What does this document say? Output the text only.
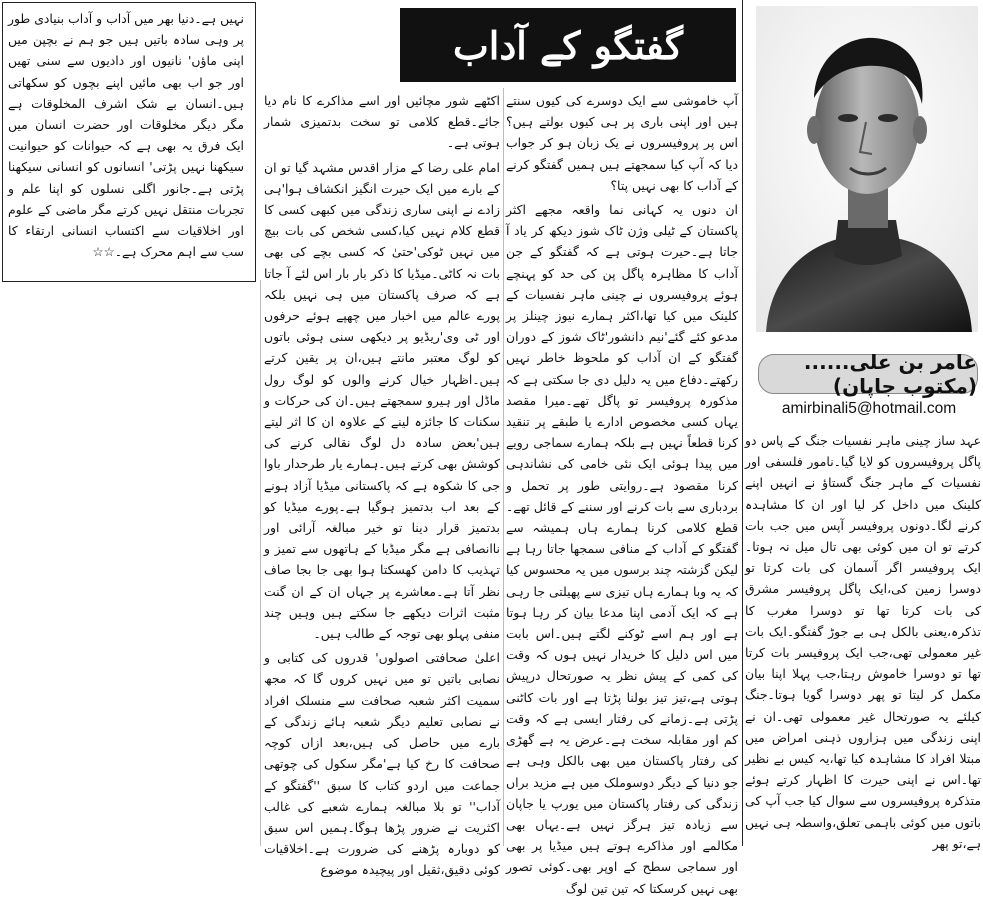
گفتگو کے آداب
عامر بن علی......(مکتوب جاپان)
amirbinali5@hotmail.com

عہد ساز چینی ماہر نفسیات جنگ کے پاس دو پاگل پروفیسروں کو لایا گیا۔نامور فلسفی اور نفسیات کے ماہر جنگ گستاؤ نے انہیں اپنے کلینک میں داخل کر لیا اور ان کا مشاہدہ کرنے لگا۔دونوں پروفیسر آپس میں جب بات کرتے تو ان میں کوئی بھی تال میل نہ ہوتا۔ایک پروفیسر اگر آسمان کی بات کرتا تو دوسرا زمین کی،ایک پاگل پروفیسر مشرق کی بات کرتا تھا تو دوسرا مغرب کا تذکرہ،یعنی بالکل ہی بے جوڑ گفتگو۔ایک بات غیر معمولی تھی،جب ایک پروفیسر بات کرتا تھا تو دوسرا خاموش رہتا،جب پہلا اپنا بیان مکمل کر لیتا تو پھر دوسرا گویا ہوتا۔جنگ کیلئے یہ صورتحال غیر معمولی تھی۔ان نے اپنی زندگی میں ہزاروں ذہنی امراض میں مبتلا افراد کا مشاہدہ کیا تھا،یہ کیس بے نظیر تھا۔اس نے اپنی حیرت کا اظہار کرتے ہوئے متذکرہ پروفیسروں سے سوال کیا جب آپ کی باتوں میں کوئی باہمی تعلق،واسطہ ہی نہیں ہے،تو پھر

آپ خاموشی سے ایک دوسرے کی کیوں سنتے ہیں اور اپنی باری پر ہی کیوں بولتے ہیں؟اس پر پروفیسروں نے یک زبان ہو کر جواب دیا کہ آپ کیا سمجھتے ہیں ہمیں گفتگو کرنے کے آداب کا بھی نہیں پتا؟

ان دنوں یہ کہانی نما واقعہ مجھے اکثر پاکستان کے ٹیلی وژن ٹاک شوز دیکھ کر یاد آ جاتا ہے۔حیرت ہوتی ہے کہ گفتگو کے جن آداب کا مظاہرہ پاگل پن کی حد کو پہنچے ہوئے پروفیسروں نے چینی ماہر نفسیات کے کلینک میں کیا تھا،اکثر ہمارے نیوز چینلز پر مدعو کئے گئے'نیم دانشور'ٹاک شوز کے دوران گفتگو کے ان آداب کو ملحوظ خاطر نہیں رکھتے۔دفاع میں یہ دلیل دی جا سکتی ہے کہ مذکورہ پروفیسر تو پاگل تھے۔میرا مقصد یہاں کسی مخصوص ادارے یا طبقے پر تنقید کرنا قطعاً نہیں ہے بلکہ ہمارے سماجی رویے میں پیدا ہوئی ایک نئی خامی کی نشاندہی کرنا مقصود ہے۔روایتی طور پر تحمل و بردباری سے بات کرنے اور سننے کے قائل تھے۔قطع کلامی کرنا ہمارے ہاں ہمیشہ سے گفتگو کے آداب کے منافی سمجھا جاتا رہا ہے لیکن گزشتہ چند برسوں میں یہ محسوس کیا کہ یہ وبا ہمارے ہاں تیزی سے پھیلتی جا رہی ہے کہ ایک آدمی اپنا مدعا بیان کر رہا ہوتا ہے اور ہم اسے ٹوکنے لگتے ہیں۔اس بابت میں اس دلیل کا خریدار نہیں ہوں کہ وقت کی کمی کے پیش نظر یہ صورتحال درپیش ہوتی ہے،تیز تیز بولنا پڑتا ہے اور بات کاٹنی پڑتی ہے۔زمانے کی رفتار ایسی ہے کہ وقت کم اور مقابلہ سخت ہے۔عرض یہ ہے گھڑی کی رفتار پاکستان میں بھی بالکل وہی ہے جو دنیا کے دیگر دوسوملک میں ہے مزید براں زندگی کی رفتار پاکستان میں یورپ یا جاپان سے زیادہ تیز ہرگز نہیں ہے۔یہاں بھی مکالمے اور مذاکرے ہوتے ہیں میڈیا پر بھی اور سماجی سطح کے اوپر بھی۔کوئی تصور بھی نہیں کرسکتا کہ تین تین لوگ

اکٹھے شور مچائیں اور اسے مذاکرے کا نام دیا جائے۔قطع کلامی تو سخت بدتمیزی شمار ہوتی ہے۔

امام علی رضا کے مزار اقدس مشہد گیا تو ان کے بارے میں ایک حیرت انگیز انکشاف ہوا'ہی زادے نے اپنی ساری زندگی میں کبھی کسی کا قطع کلام نہیں کیا،کسی شخص کی بات بیچ میں نہیں ٹوکی'حتیٰ کہ کسی بچے کی بھی بات نہ کاٹی۔میڈیا کا ذکر بار بار اس لئے آ جاتا ہے کہ صرف پاکستان میں ہی نہیں بلکہ پورے عالم میں اخبار میں چھپے ہوئے حرفوں اور ٹی وی'ریڈیو پر دیکھی سنی ہوئی باتوں کو لوگ معتبر مانتے ہیں،ان پر یقین کرتے ہیں۔اظہار خیال کرنے والوں کو لوگ رول ماڈل اور ہیرو سمجھتے ہیں۔ان کی حرکات و سکنات کا جائزہ لینے کے علاوہ ان کا اثر لیتے ہیں'بعض سادہ دل لوگ نقالی کرنے کی کوشش بھی کرتے ہیں۔ہمارے یار طرحدار باوا جی کا شکوہ ہے کہ پاکستانی میڈیا آزاد ہونے کے بعد اب بدتمیز ہوگیا ہے۔پورے میڈیا کو بدتمیز قرار دینا تو خیر مبالغہ آرائی اور ناانصافی ہے مگر میڈیا کے ہاتھوں سے تمیز و تہذیب کا دامن کھسکتا ہوا بھی جا بجا صاف نظر آتا ہے۔معاشرے پر جہاں ان کے ان گنت مثبت اثرات دیکھے جا سکتے ہیں وہیں چند منفی پہلو بھی توجہ کے طالب ہیں۔

اعلیٰ صحافتی اصولوں' قدروں کی کتابی و نصابی باتیں تو میں نہیں کروں گا کہ مجھ سمیت اکثر شعبہ صحافت سے منسلک افراد نے نصابی تعلیم دیگر شعبہ ہائے زندگی کے بارے میں حاصل کی ہیں،بعد ازاں کوچہ صحافت کا رخ کیا ہے'مگر سکول کی چوتھی جماعت میں اردو کتاب کا سبق ''گفتگو کے آداب'' تو بلا مبالغہ ہمارے شعبے کی غالب اکثریت نے ضرور پڑھا ہوگا۔ہمیں اس سبق کو دوبارہ پڑھنے کی ضرورت ہے۔اخلاقیات کوئی دقیق،ثقیل اور پیچیدہ موضوع

نہیں ہے۔دنیا بھر میں آداب و آداب بنیادی طور پر وہی سادہ باتیں ہیں جو ہم نے بچپن میں اپنی ماؤں' نانیوں اور دادیوں سے سنی تھیں اور جو اب بھی مائیں اپنے بچوں کو سکھاتی ہیں۔انسان بے شک اشرف المخلوقات ہے مگر دیگر مخلوقات اور حضرت انسان میں ایک فرق یہ بھی ہے کہ حیوانات کو حیوانیت سیکھنا نہیں پڑتی' انسانوں کو انسانی سیکھنا پڑتی ہے۔جانور اگلی نسلوں کو اپنا علم و تجربات منتقل نہیں کرتے مگر ماضی کے علوم اور اخلاقیات سے اکتساب انسانی ارتقاء کا سب سے اہم محرک ہے۔☆☆
